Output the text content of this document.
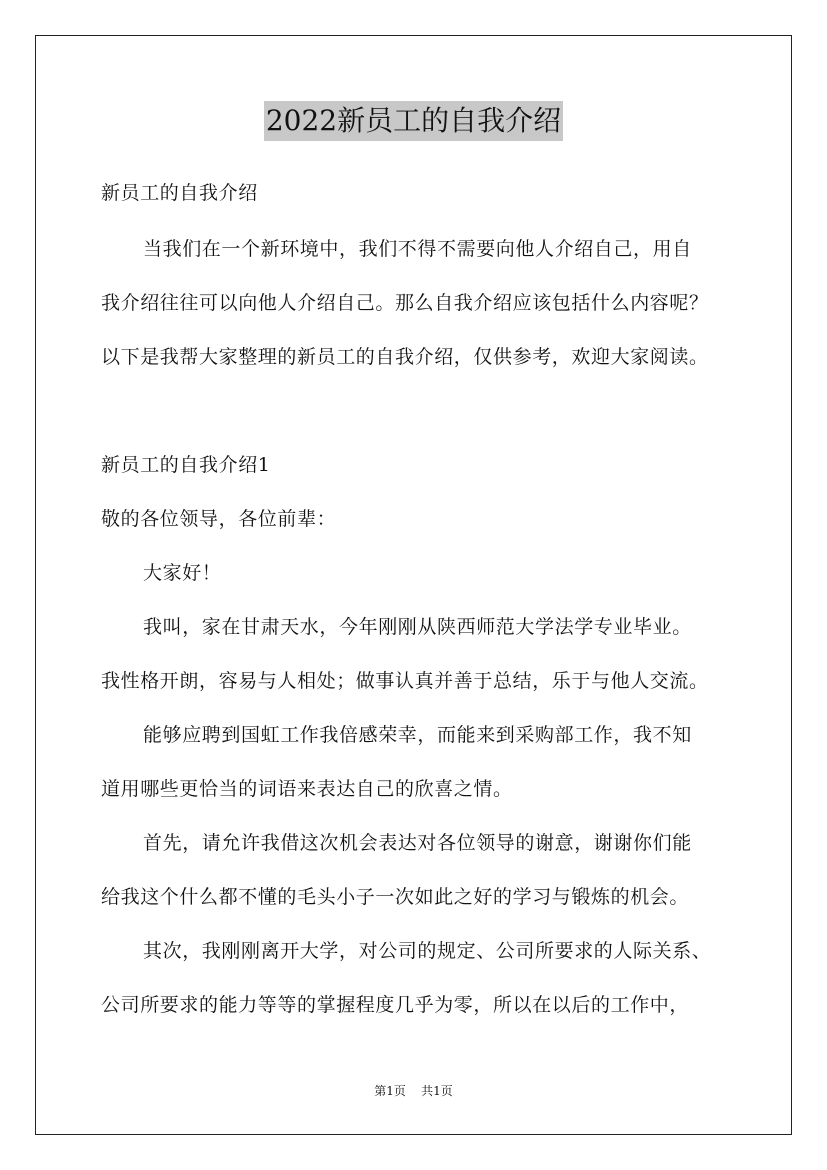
2022新员工的自我介绍
新员工的自我介绍
当我们在一个新环境中，我们不得不需要向他人介绍自己，用自
我介绍往往可以向他人介绍自己。那么自我介绍应该包括什么内容呢？
以下是我帮大家整理的新员工的自我介绍，仅供参考，欢迎大家阅读。
新员工的自我介绍1
敬的各位领导，各位前辈：
大家好！
我叫，家在甘肃天水，今年刚刚从陕西师范大学法学专业毕业。
我性格开朗，容易与人相处；做事认真并善于总结，乐于与他人交流。
能够应聘到国虹工作我倍感荣幸，而能来到采购部工作，我不知
道用哪些更恰当的词语来表达自己的欣喜之情。
首先，请允许我借这次机会表达对各位领导的谢意，谢谢你们能
给我这个什么都不懂的毛头小子一次如此之好的学习与锻炼的机会。
其次，我刚刚离开大学，对公司的规定、公司所要求的人际关系、
公司所要求的能力等等的掌握程度几乎为零，所以在以后的工作中，
第1页 共1页
